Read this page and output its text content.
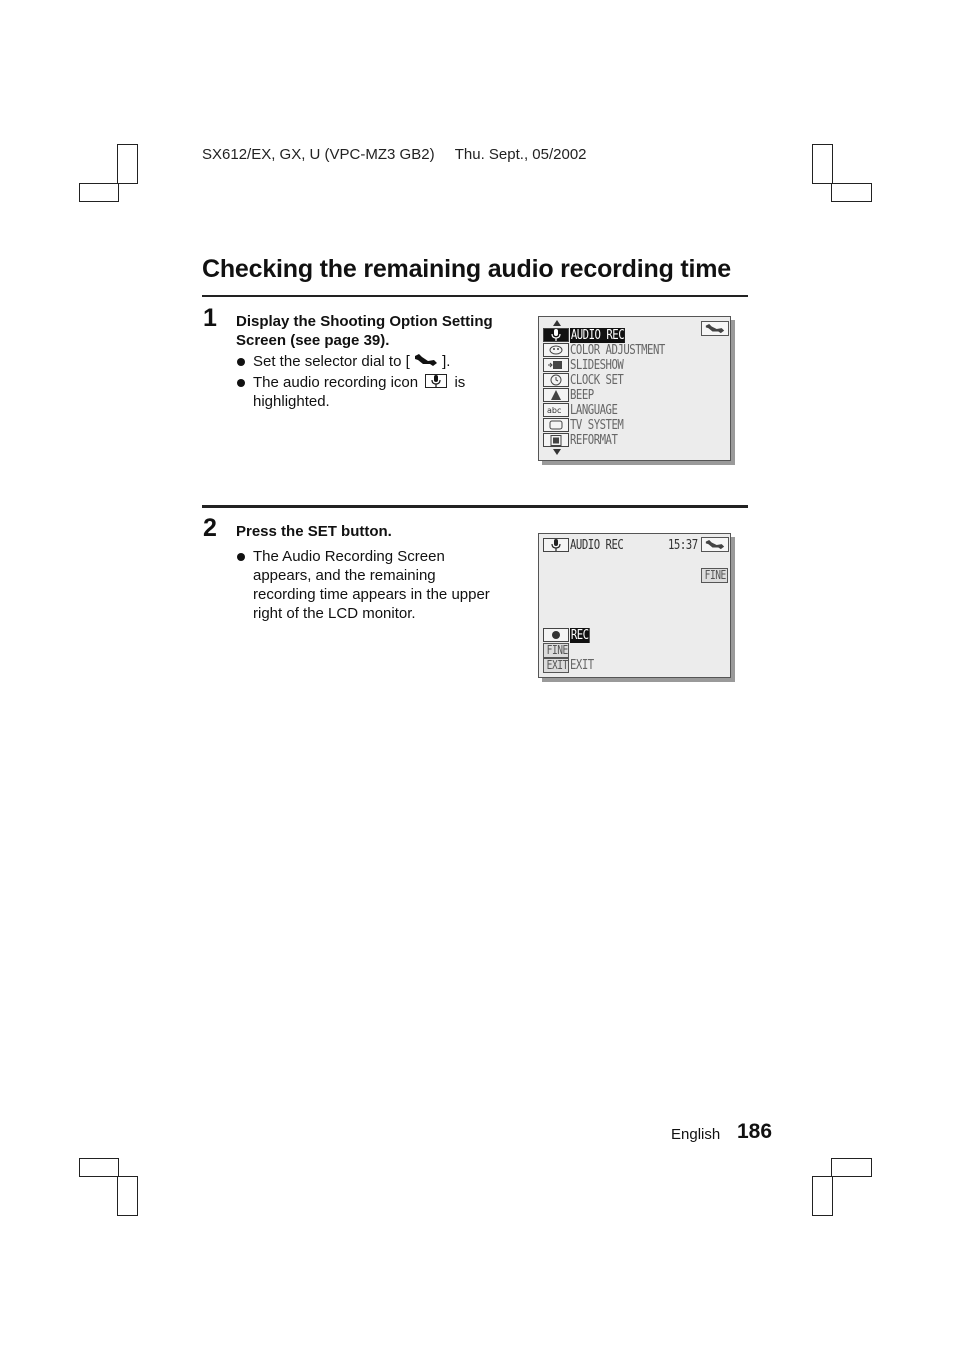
SX612/EX, GX, U (VPC-MZ3 GB2) Thu. Sept., 05/2002
Checking the remaining audio recording time
1 Display the Shooting Option Setting
Screen (see page 39).
Set the selector dial to [ ].
The audio recording icon is
highlighted.
AUDIO REC
COLOR ADJUSTMENT
SLIDESHOW
CLOCK SET
BEEP
abc LANGUAGE
TV SYSTEM
REFORMAT
2 Press the SET button.
The Audio Recording Screen
appears, and the remaining
recording time appears in the upper
right of the LCD monitor.
AUDIO REC	15:37
FINE
REC
FINE
EXIT EXIT
English 186
